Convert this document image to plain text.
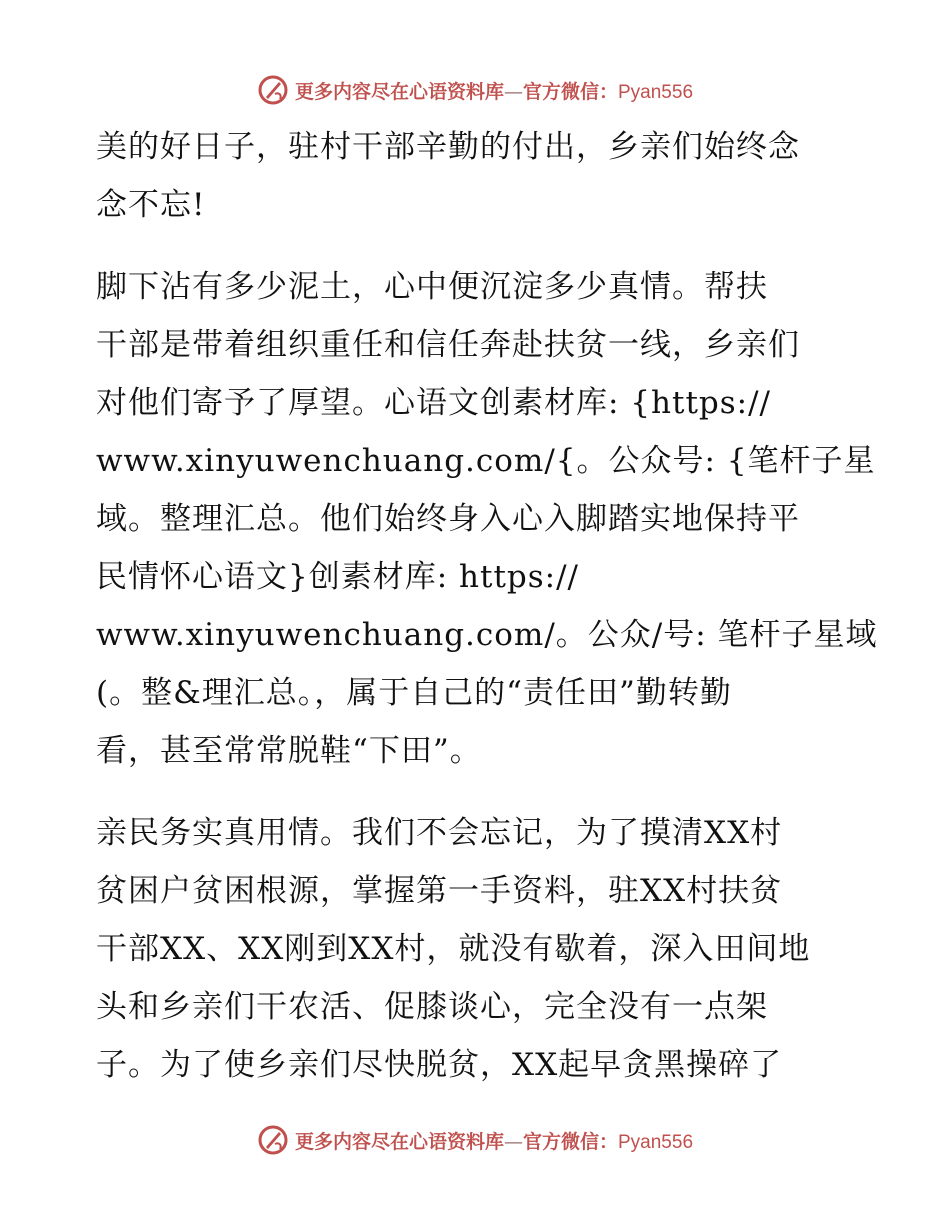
更多内容尽在心语资料库—官方微信：Pyan556

美的好日子，驻村干部辛勤的付出，乡亲们始终念
念不忘!

脚下沾有多少泥土，心中便沉淀多少真情。帮扶
干部是带着组织重任和信任奔赴扶贫一线，乡亲们
对他们寄予了厚望。心语文创素材库: {https://
www.xinyuwenchuang.com/{。公众号: {笔杆子星
域。整理汇总。他们始终身入心入脚踏实地保持平
民情怀心语文}创素材库: https://
www.xinyuwenchuang.com/。公众/号: 笔杆子星域
(。整&理汇总。，属于自己的“责任田”勤转勤
看，甚至常常脱鞋“下田”。

亲民务实真用情。我们不会忘记，为了摸清XX村
贫困户贫困根源，掌握第一手资料，驻XX村扶贫
干部XX、XX刚到XX村，就没有歇着，深入田间地
头和乡亲们干农活、促膝谈心，完全没有一点架
子。为了使乡亲们尽快脱贫，XX起早贪黑操碎了

更多内容尽在心语资料库—官方微信：Pyan556
